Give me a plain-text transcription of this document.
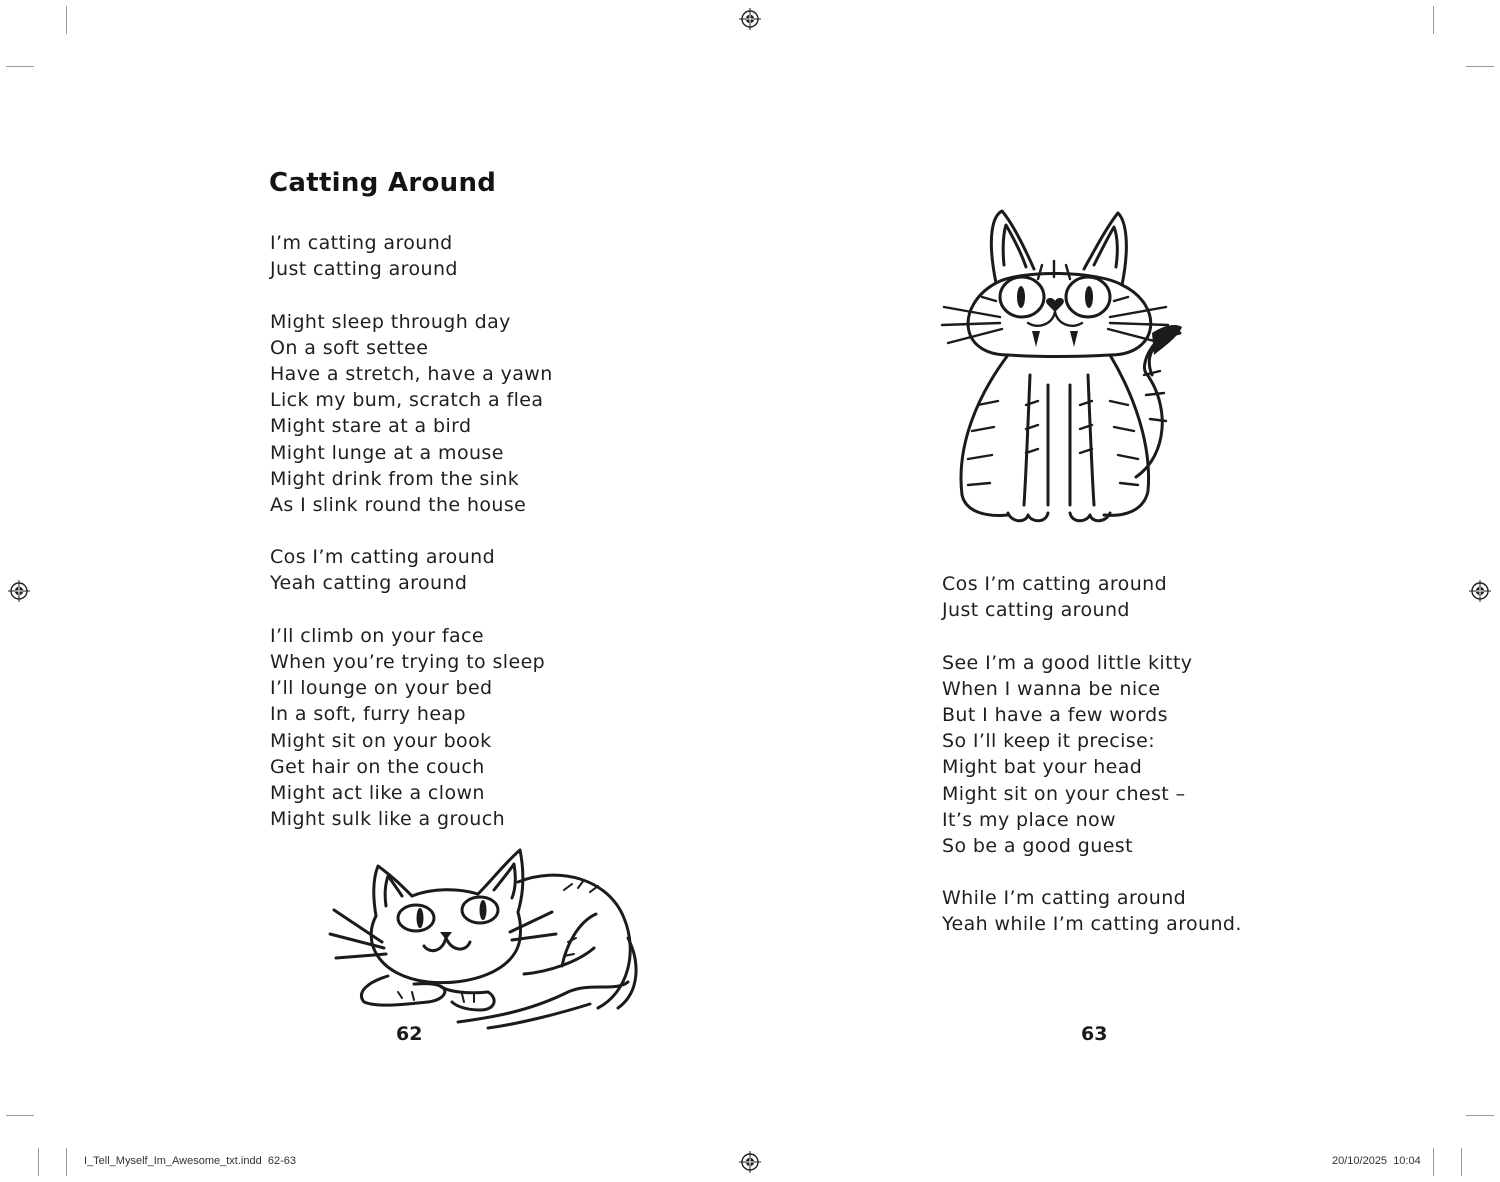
Catting Around
I’m catting around
Just catting around
Might sleep through day
On a soft settee
Have a stretch, have a yawn
Lick my bum, scratch a flea
Might stare at a bird
Might lunge at a mouse
Might drink from the sink
As I slink round the house
Cos I’m catting around
Yeah catting around
I’ll climb on your face
When you’re trying to sleep
I’ll lounge on your bed
In a soft, furry heap
Might sit on your book
Get hair on the couch
Might act like a clown
Might sulk like a grouch
Cos I’m catting around
Just catting around
See I’m a good little kitty
When I wanna be nice
But I have a few words
So I’ll keep it precise:
Might bat your head
Might sit on your chest –
It’s my place now
So be a good guest
While I’m catting around
Yeah while I’m catting around.
62	63
I_Tell_Myself_Im_Awesome_txt.indd 62-63	20/10/2025 10:04
